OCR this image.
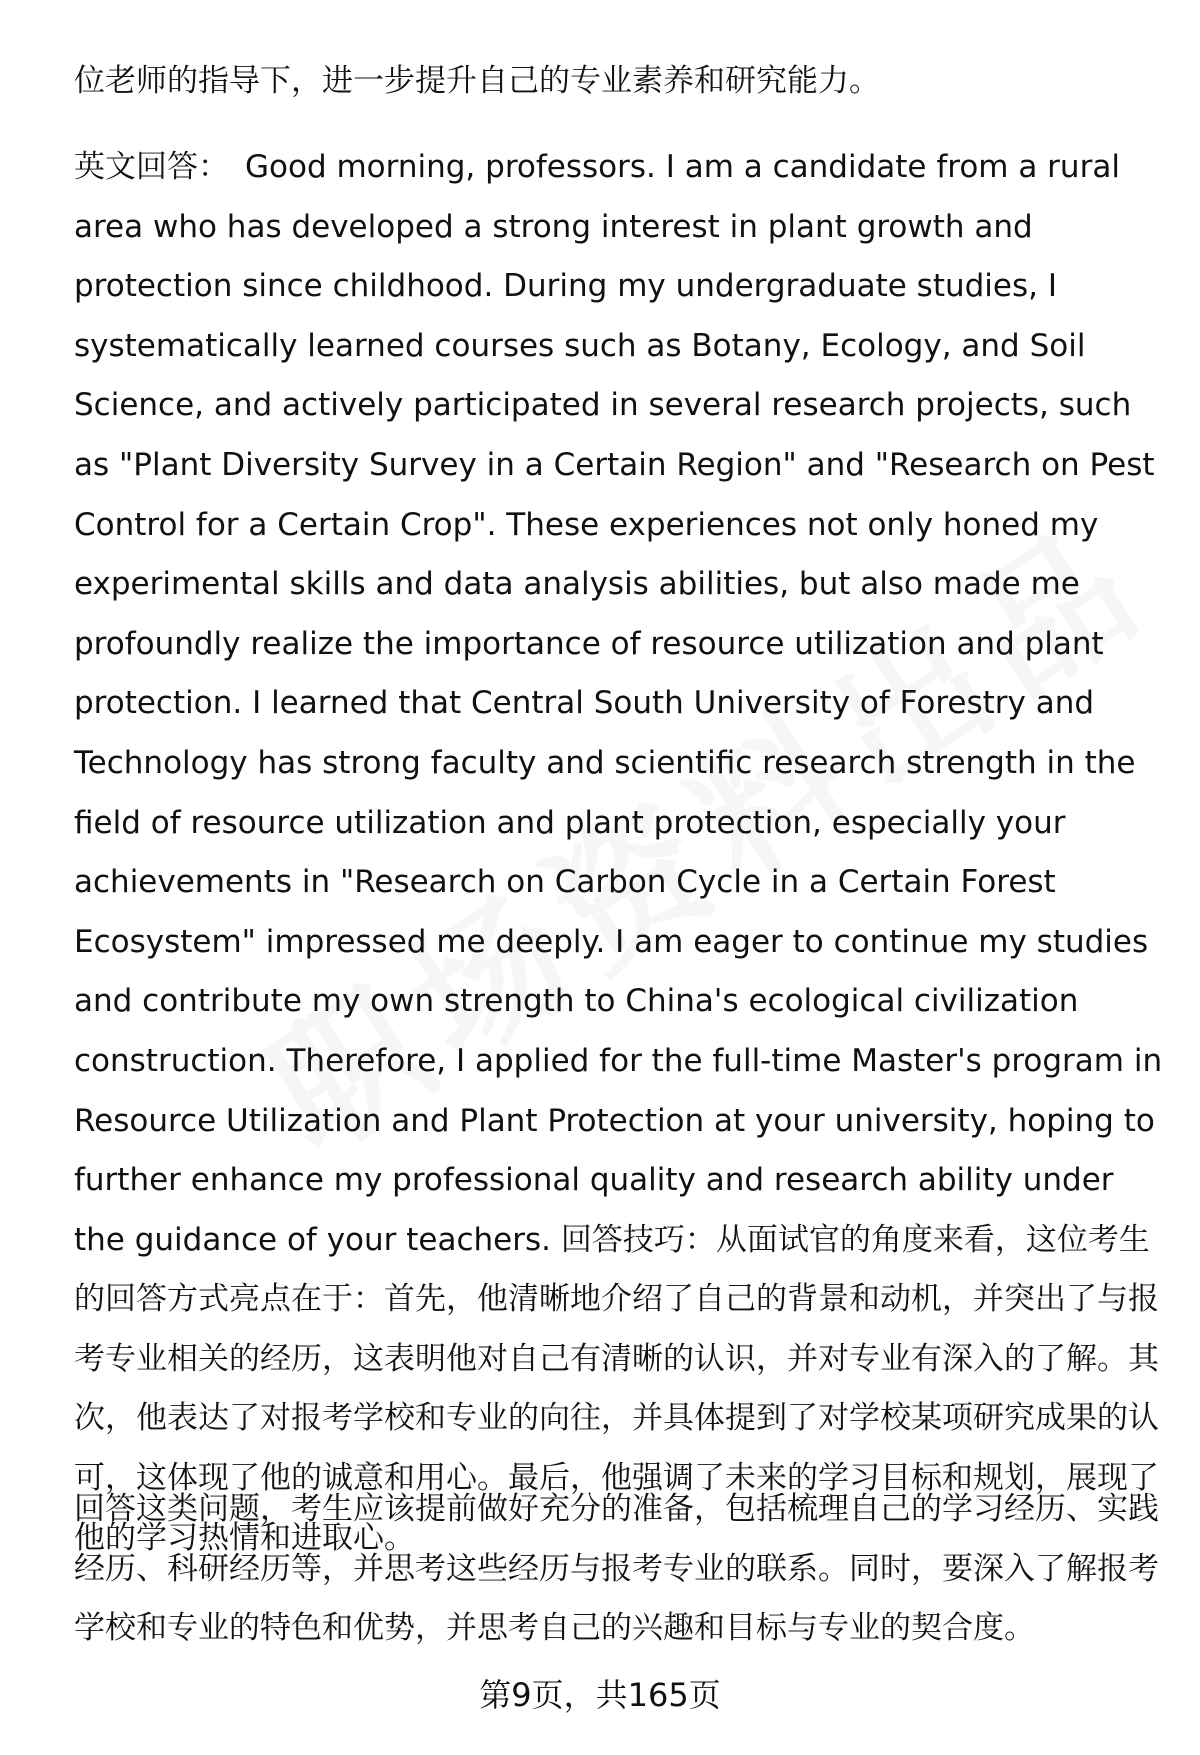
位老师的指导下，进一步提升自己的专业素养和研究能力。

英文回答： Good morning, professors. I am a candidate from a rural area who has developed a strong interest in plant growth and protection since childhood. During my undergraduate studies, I systematically learned courses such as Botany, Ecology, and Soil Science, and actively participated in several research projects, such as "Plant Diversity Survey in a Certain Region" and "Research on Pest Control for a Certain Crop". These experiences not only honed my experimental skills and data analysis abilities, but also made me profoundly realize the importance of resource utilization and plant protection. I learned that Central South University of Forestry and Technology has strong faculty and scientific research strength in the field of resource utilization and plant protection, especially your achievements in "Research on Carbon Cycle in a Certain Forest Ecosystem" impressed me deeply. I am eager to continue my studies and contribute my own strength to China's ecological civilization construction. Therefore, I applied for the full-time Master's program in Resource Utilization and Plant Protection at your university, hoping to further enhance my professional quality and research ability under the guidance of your teachers. 回答技巧：从面试官的角度来看，这位考生的回答方式亮点在于：首先，他清晰地介绍了自己的背景和动机，并突出了与报考专业相关的经历，这表明他对自己有清晰的认识，并对专业有深入的了解。其次，他表达了对报考学校和专业的向往，并具体提到了对学校某项研究成果的认可，这体现了他的诚意和用心。最后，他强调了未来的学习目标和规划，展现了他的学习热情和进取心。

回答这类问题，考生应该提前做好充分的准备，包括梳理自己的学习经历、实践经历、科研经历等，并思考这些经历与报考专业的联系。同时，要深入了解报考学校和专业的特色和优势，并思考自己的兴趣和目标与专业的契合度。

第9页，共165页
